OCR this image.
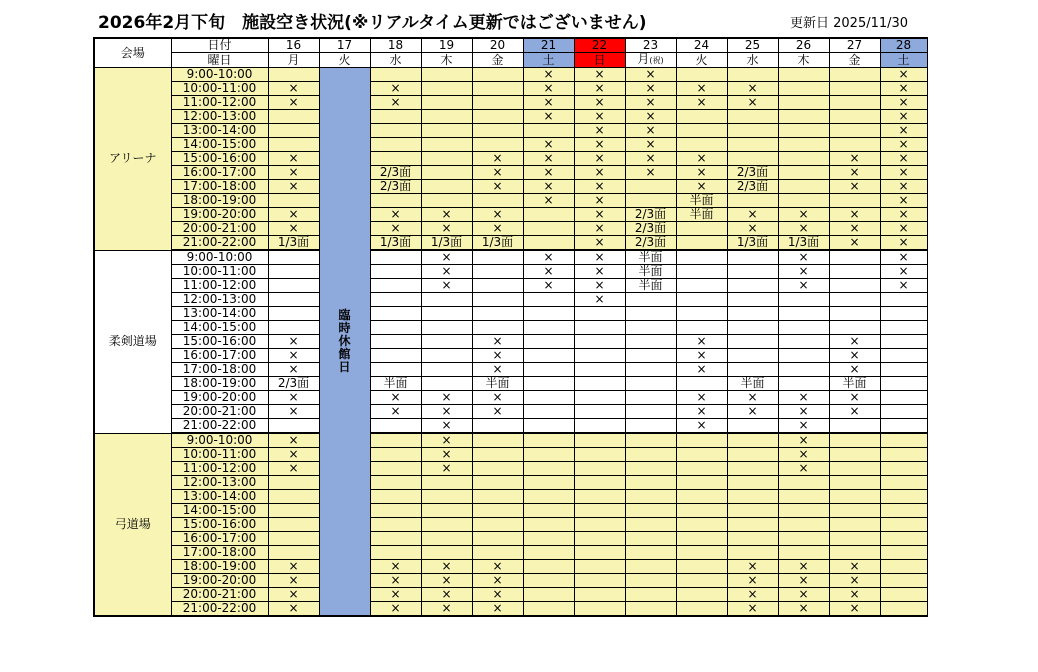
2026年2月下旬　施設空き状況(※リアルタイム更新ではございません)	更新日 2025/11/30
会場	日付	16	17	18	19	20	21	22	23	24	25	26	27	28
	曜日	月	火	水	木	金	土	日	月(祝)	火	水	木	金	土
アリーナ	9:00-10:00		臨時休館日				×	×	×					×
	10:00-11:00	×		×			×	×	×	×	×			×
	11:00-12:00	×		×			×	×	×	×	×			×
	12:00-13:00						×	×	×					×
	13:00-14:00							×	×					×
	14:00-15:00						×	×	×					×
	15:00-16:00	×				×	×	×	×	×			×	×
	16:00-17:00	×		2/3面		×	×	×	×	×	2/3面		×	×
	17:00-18:00	×		2/3面		×	×	×		×	2/3面		×	×
	18:00-19:00						×	×		半面				×
	19:00-20:00	×		×	×	×		×	2/3面	半面	×	×	×	×
	20:00-21:00	×		×	×	×		×	2/3面		×	×	×	×
	21:00-22:00	1/3面		1/3面	1/3面	1/3面		×	2/3面		1/3面	1/3面	×	×
柔剣道場	9:00-10:00				×		×	×	半面			×		×
	10:00-11:00				×		×	×	半面			×		×
	11:00-12:00				×		×	×	半面			×		×
	12:00-13:00							×						
	13:00-14:00													
	14:00-15:00													
	15:00-16:00	×				×				×			×	
	16:00-17:00	×				×				×			×	
	17:00-18:00	×				×				×			×	
	18:00-19:00	2/3面		半面		半面					半面		半面	
	19:00-20:00	×		×	×	×				×	×	×	×	
	20:00-21:00	×		×	×	×				×	×	×	×	
	21:00-22:00				×					×		×		
弓道場	9:00-10:00	×			×							×		
	10:00-11:00	×			×							×		
	11:00-12:00	×			×							×		
	12:00-13:00													
	13:00-14:00													
	14:00-15:00													
	15:00-16:00													
	16:00-17:00													
	17:00-18:00													
	18:00-19:00	×		×	×	×					×	×	×	
	19:00-20:00	×		×	×	×					×	×	×	
	20:00-21:00	×		×	×	×					×	×	×	
	21:00-22:00	×		×	×	×					×	×	×	
